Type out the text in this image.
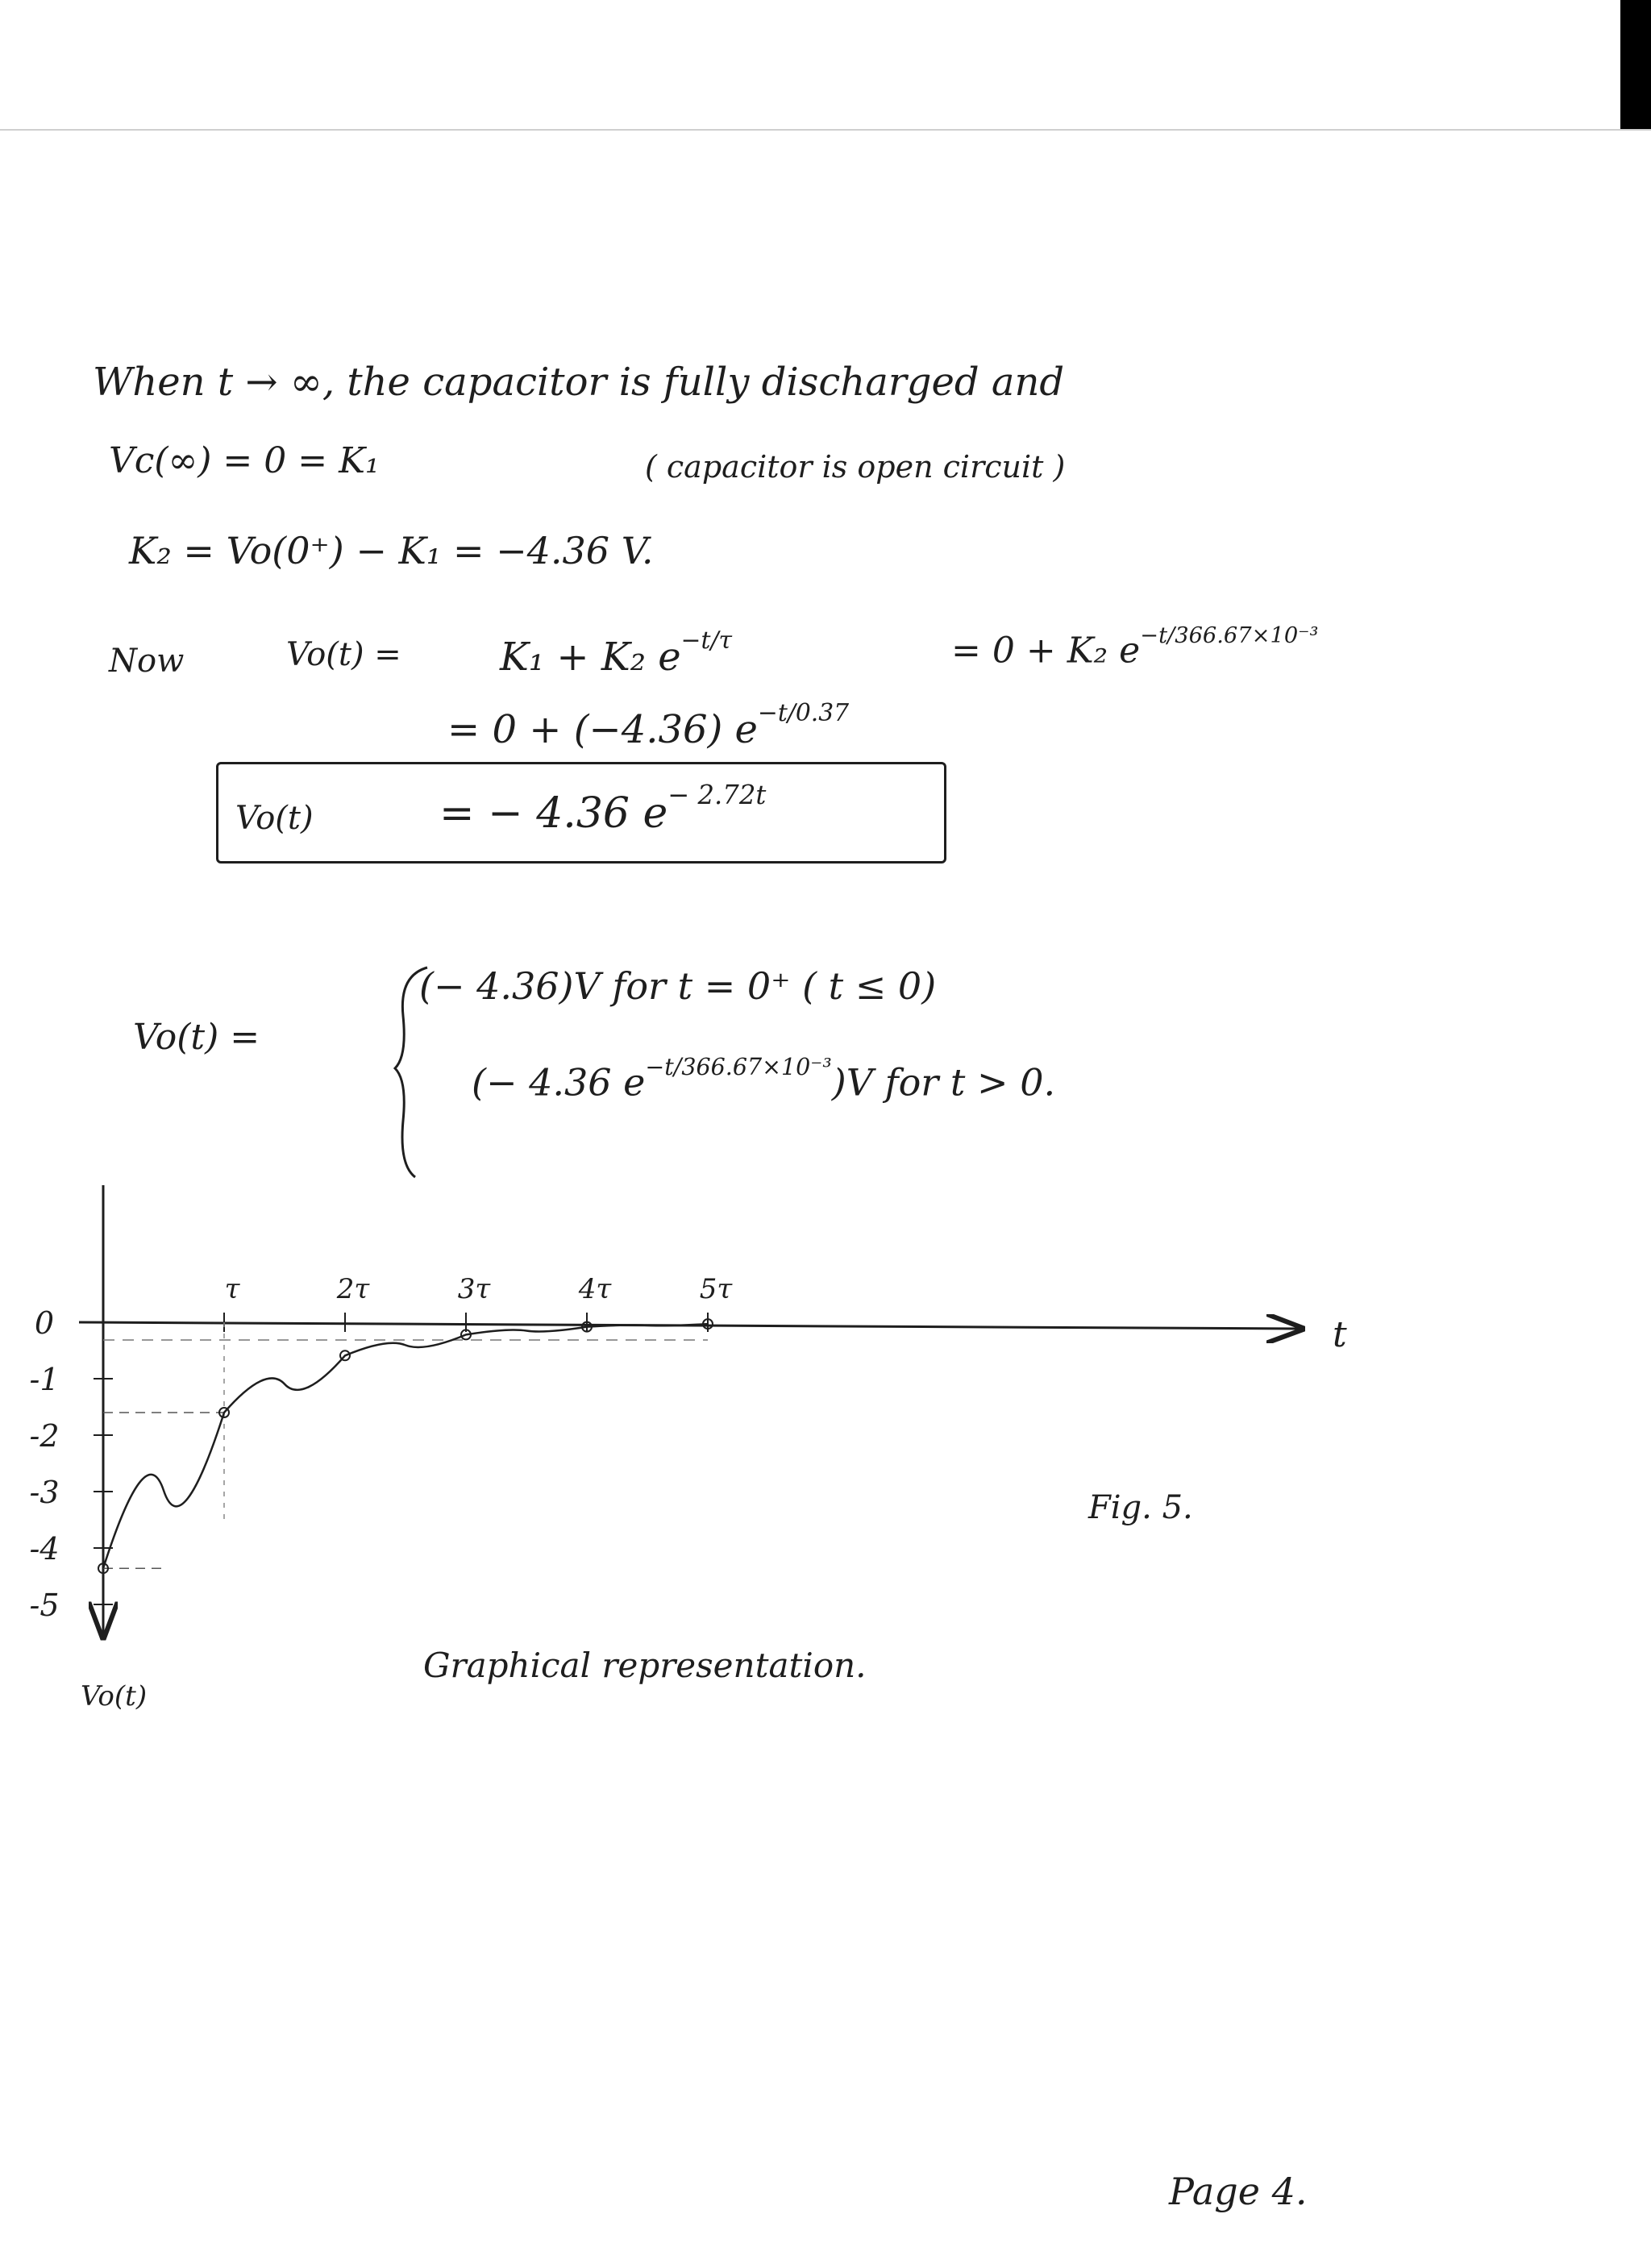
When t → ∞, the capacitor is fully discharged and
Vc(∞) = 0 = K₁	( capacitor is open circuit )
K₂ = Vo(0⁺) − K₁ = −4.36 V.
Now	Vo(t) =	K₁ + K₂ $e^{-t/\tau}$	= 0 + K₂ $e^{-t/366.67\times 10^{-3}}$
= 0 + (−4.36) $e^{-t/0.37}$
Vo(t)	= − 4.36 $e^{- 2.72t}$
Vo(t) =
(− 4.36)V for t = 0⁺ ( t ≤ 0)
(− 4.36 $e^{-t/366.67\times 10^{-3}})V$ for t > 0.
t
Vo(t)
0
-1
-2
-3
-4
-5
τ	2τ	3τ	4τ	5τ
Graphical representation.
Fig. 5.
Page 4.
